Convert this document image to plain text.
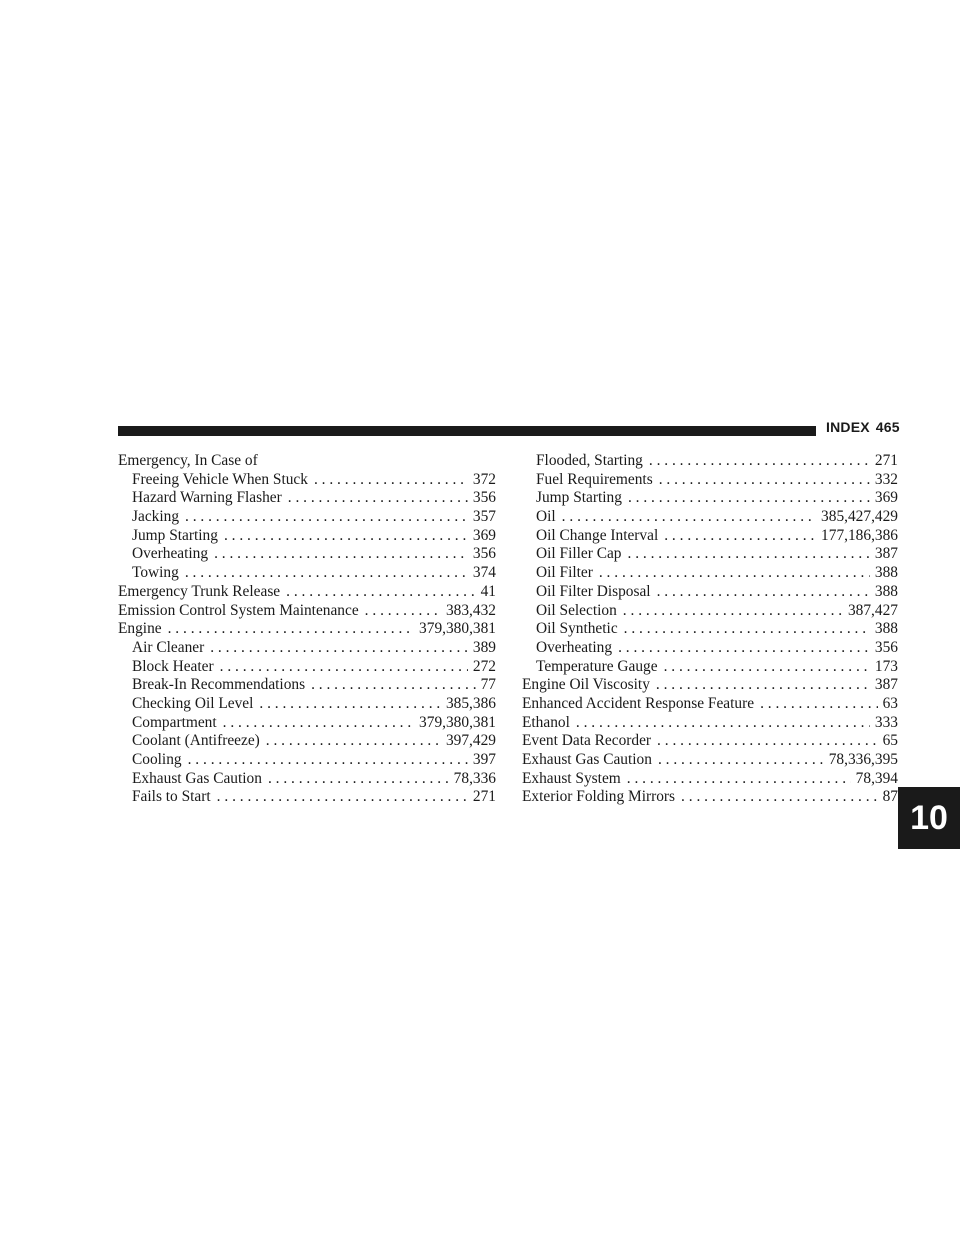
INDEX 465
Emergency, In Case of
Freeing Vehicle When Stuck . . .	372
Hazard Warning Flasher . . .	356
Jacking . . .	357
Jump Starting . . .	369
Overheating . . .	356
Towing . . .	374
Emergency Trunk Release . . .	41
Emission Control System Maintenance . . .	383,432
Engine . . .	379,380,381
Air Cleaner . . .	389
Block Heater . . .	272
Break-In Recommendations . . .	77
Checking Oil Level . . .	385,386
Compartment . . .	379,380,381
Coolant (Antifreeze) . . .	397,429
Cooling . . .	397
Exhaust Gas Caution . . .	78,336
Fails to Start . . .	271
Flooded, Starting . . .	271
Fuel Requirements . . .	332
Jump Starting . . .	369
Oil . . .	385,427,429
Oil Change Interval . . .	177,186,386
Oil Filler Cap . . .	387
Oil Filter . . .	388
Oil Filter Disposal . . .	388
Oil Selection . . .	387,427
Oil Synthetic . . .	388
Overheating . . .	356
Temperature Gauge . . .	173
Engine Oil Viscosity . . .	387
Enhanced Accident Response Feature . . .	63
Ethanol . . .	333
Event Data Recorder . . .	65
Exhaust Gas Caution . . .	78,336,395
Exhaust System . . .	78,394
Exterior Folding Mirrors . . .	87
10
